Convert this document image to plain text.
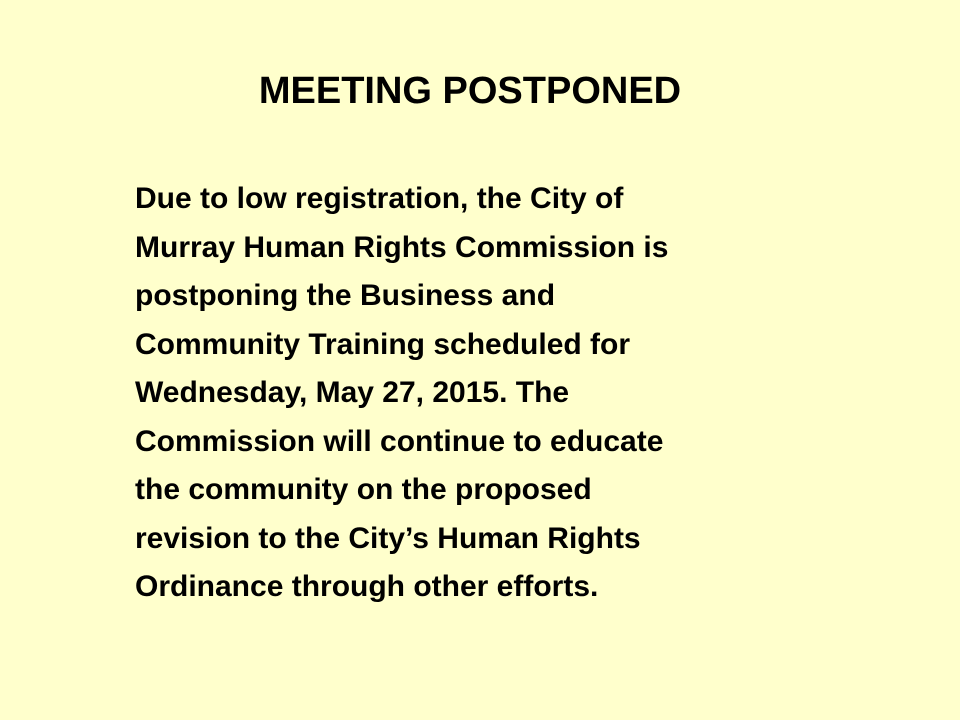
MEETING POSTPONED
Due to low registration, the City of
Murray Human Rights Commission is
postponing the Business and
Community Training scheduled for
Wednesday, May 27, 2015. The
Commission will continue to educate
the community on the proposed
revision to the City’s Human Rights
Ordinance through other efforts.
